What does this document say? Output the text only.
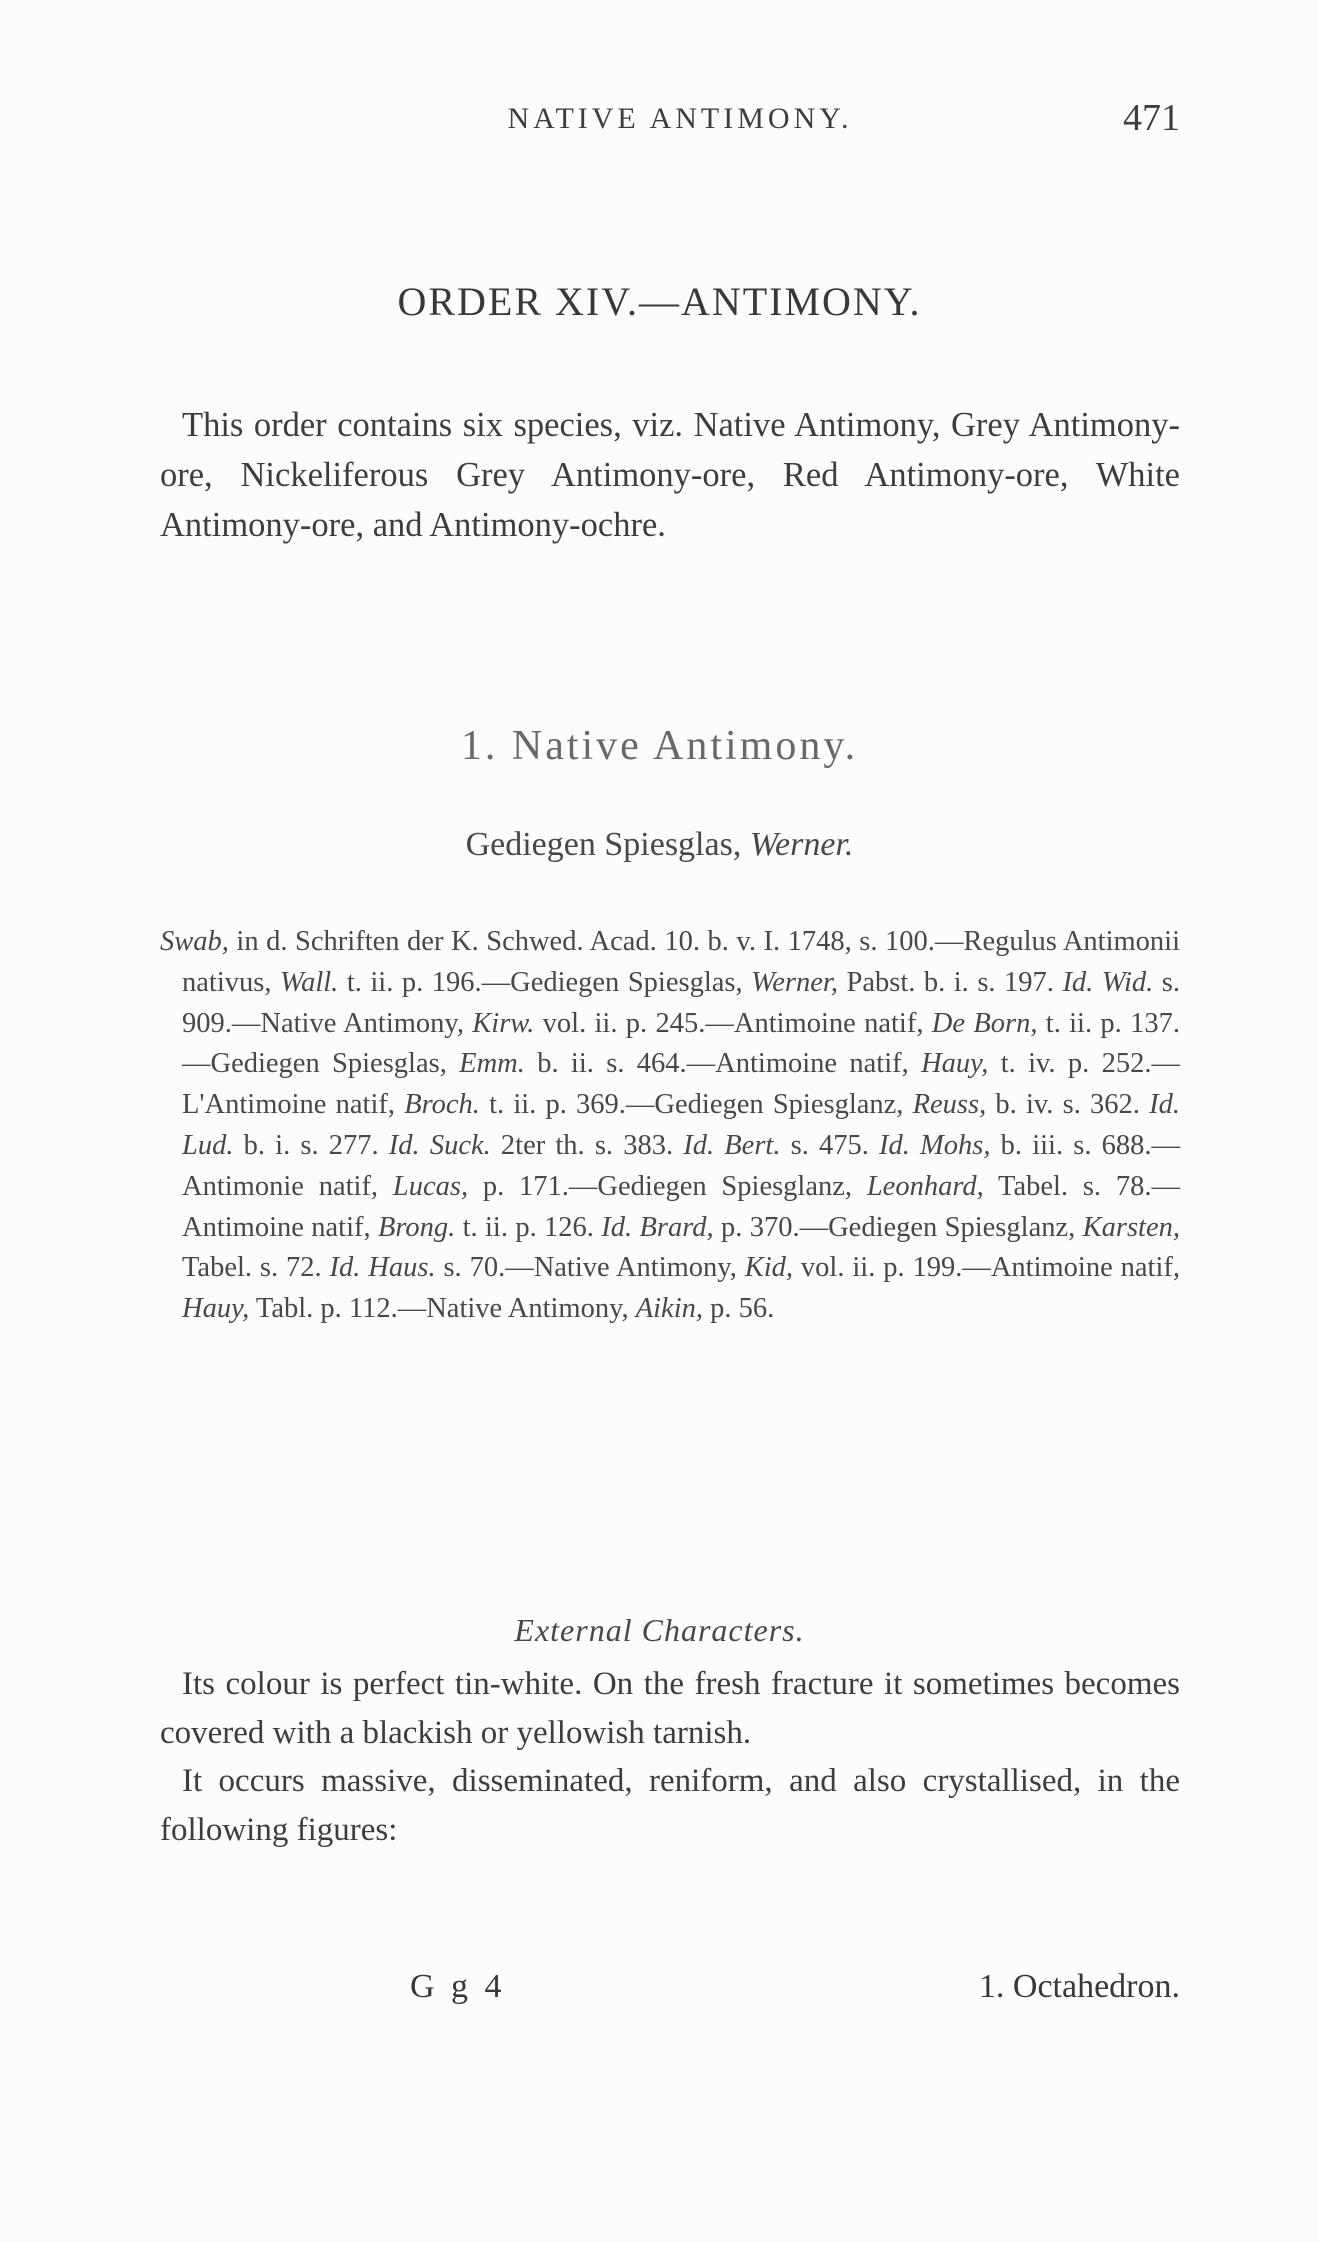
NATIVE ANTIMONY.	471
ORDER XIV.—ANTIMONY.

This order contains six species, viz. Native Antimony, Grey Antimony-ore, Nickeliferous Grey Antimony-ore, Red Antimony-ore, White Antimony-ore, and Antimony-ochre.

1. Native Antimony.
Gediegen Spiesglas, Werner.

Swab, in d. Schriften der K. Schwed. Acad. 10. b. v. I. 1748, s. 100.—Regulus Antimonii nativus, Wall. t. ii. p. 196.—Gediegen Spiesglas, Werner, Pabst. b. i. s. 197. Id. Wid. s. 909.—Native Antimony, Kirw. vol. ii. p. 245.—Antimoine natif, De Born, t. ii. p. 137.—Gediegen Spiesglas, Emm. b. ii. s. 464.—Antimoine natif, Hauy, t. iv. p. 252.—L'Antimoine natif, Broch. t. ii. p. 369.—Gediegen Spiesglanz, Reuss, b. iv. s. 362. Id. Lud. b. i. s. 277. Id. Suck. 2ter th. s. 383. Id. Bert. s. 475. Id. Mohs, b. iii. s. 688.—Antimonie natif, Lucas, p. 171.—Gediegen Spiesglanz, Leonhard, Tabel. s. 78.—Antimoine natif, Brong. t. ii. p. 126. Id. Brard, p. 370.—Gediegen Spiesglanz, Karsten, Tabel. s. 72. Id. Haus. s. 70.—Native Antimony, Kid, vol. ii. p. 199.—Antimoine natif, Hauy, Tabl. p. 112.—Native Antimony, Aikin, p. 56.

External Characters.

Its colour is perfect tin-white. On the fresh fracture it sometimes becomes covered with a blackish or yellowish tarnish.

It occurs massive, disseminated, reniform, and also crystallised, in the following figures:

G g 4	1. Octahedron.
